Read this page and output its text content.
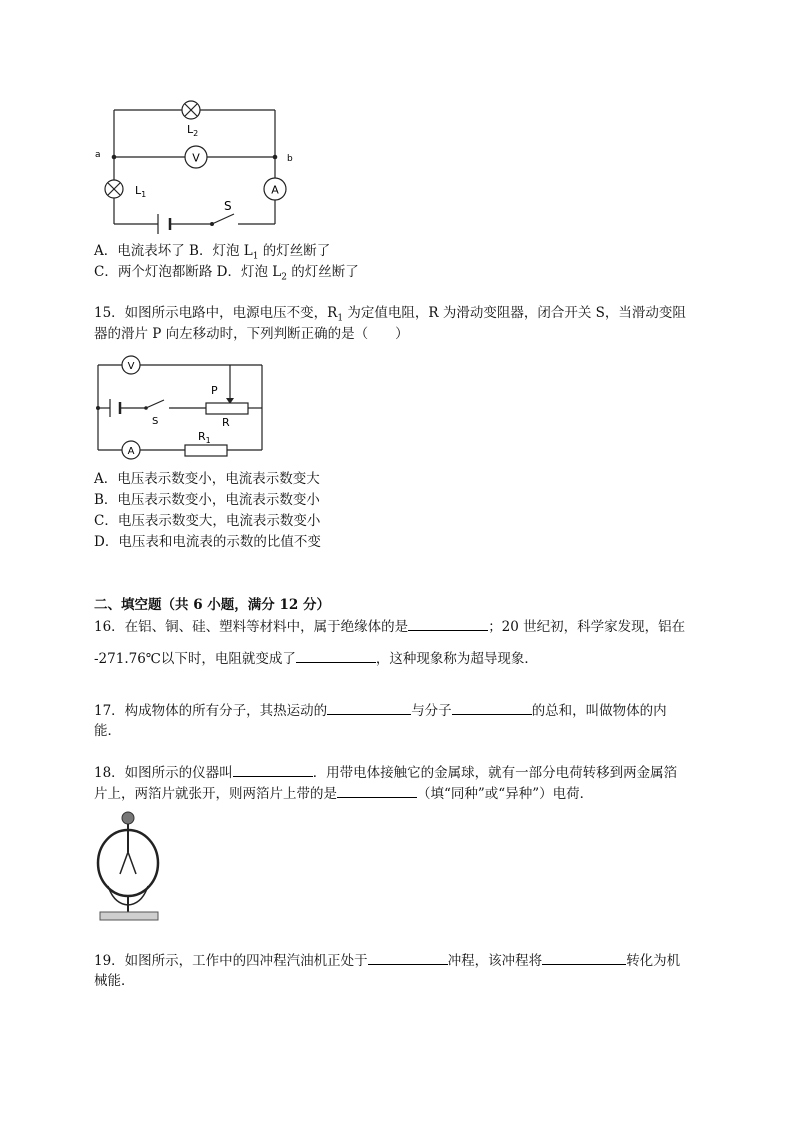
V
A
a	b
$L_2$
$L_1$
S
A．电流表坏了 B．灯泡 $L_1$ 的灯丝断了
C．两个灯泡都断路 D．灯泡 $L_2$ 的灯丝断了
15．如图所示电路中，电源电压不变，$R_1$ 为定值电阻，R 为滑动变阻器，闭合开关 S，当滑动变阻
器的滑片 P 向左移动时，下列判断正确的是（　　）
V
A
S
P
R
$R_1$
A．电压表示数变小，电流表示数变大
B．电压表示数变小，电流表示数变小
C．电压表示数变大，电流表示数变小
D．电压表和电流表的示数的比值不变
二、填空题（共 6 小题，满分 12 分）
16．在铝、铜、硅、塑料等材料中，属于绝缘体的是	；20 世纪初，科学家发现，铝在
-271.76℃以下时，电阻就变成了	，这种现象称为超导现象．
17．构成物体的所有分子，其热运动的	与分子	的总和，叫做物体的内
能．
18．如图所示的仪器叫	．用带电体接触它的金属球，就有一部分电荷转移到两金属箔
片上，两箔片就张开，则两箔片上带的是	（填“同种”或“异种”）电荷．
19．如图所示，工作中的四冲程汽油机正处于	冲程，该冲程将	转化为机
械能．
